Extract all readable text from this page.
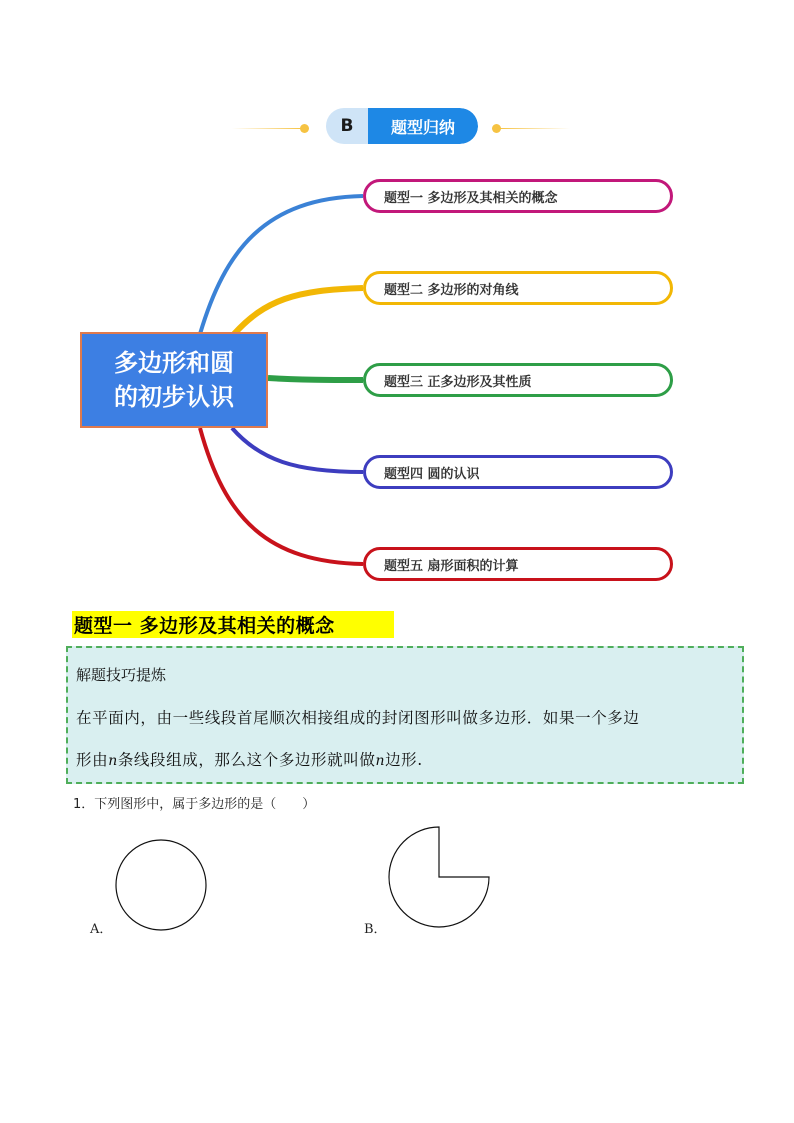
B	题型归纳
多边形和圆
的初步认识
题型一 多边形及其相关的概念
题型二 多边形的对角线
题型三 正多边形及其性质
题型四 圆的认识
题型五 扇形面积的计算
题型一 多边形及其相关的概念
解题技巧提炼
在平面内，由一些线段首尾顺次相接组成的封闭图形叫做多边形．如果一个多边
形由n条线段组成，那么这个多边形就叫做n边形.
1．下列图形中，属于多边形的是（　　）
A．	B．
